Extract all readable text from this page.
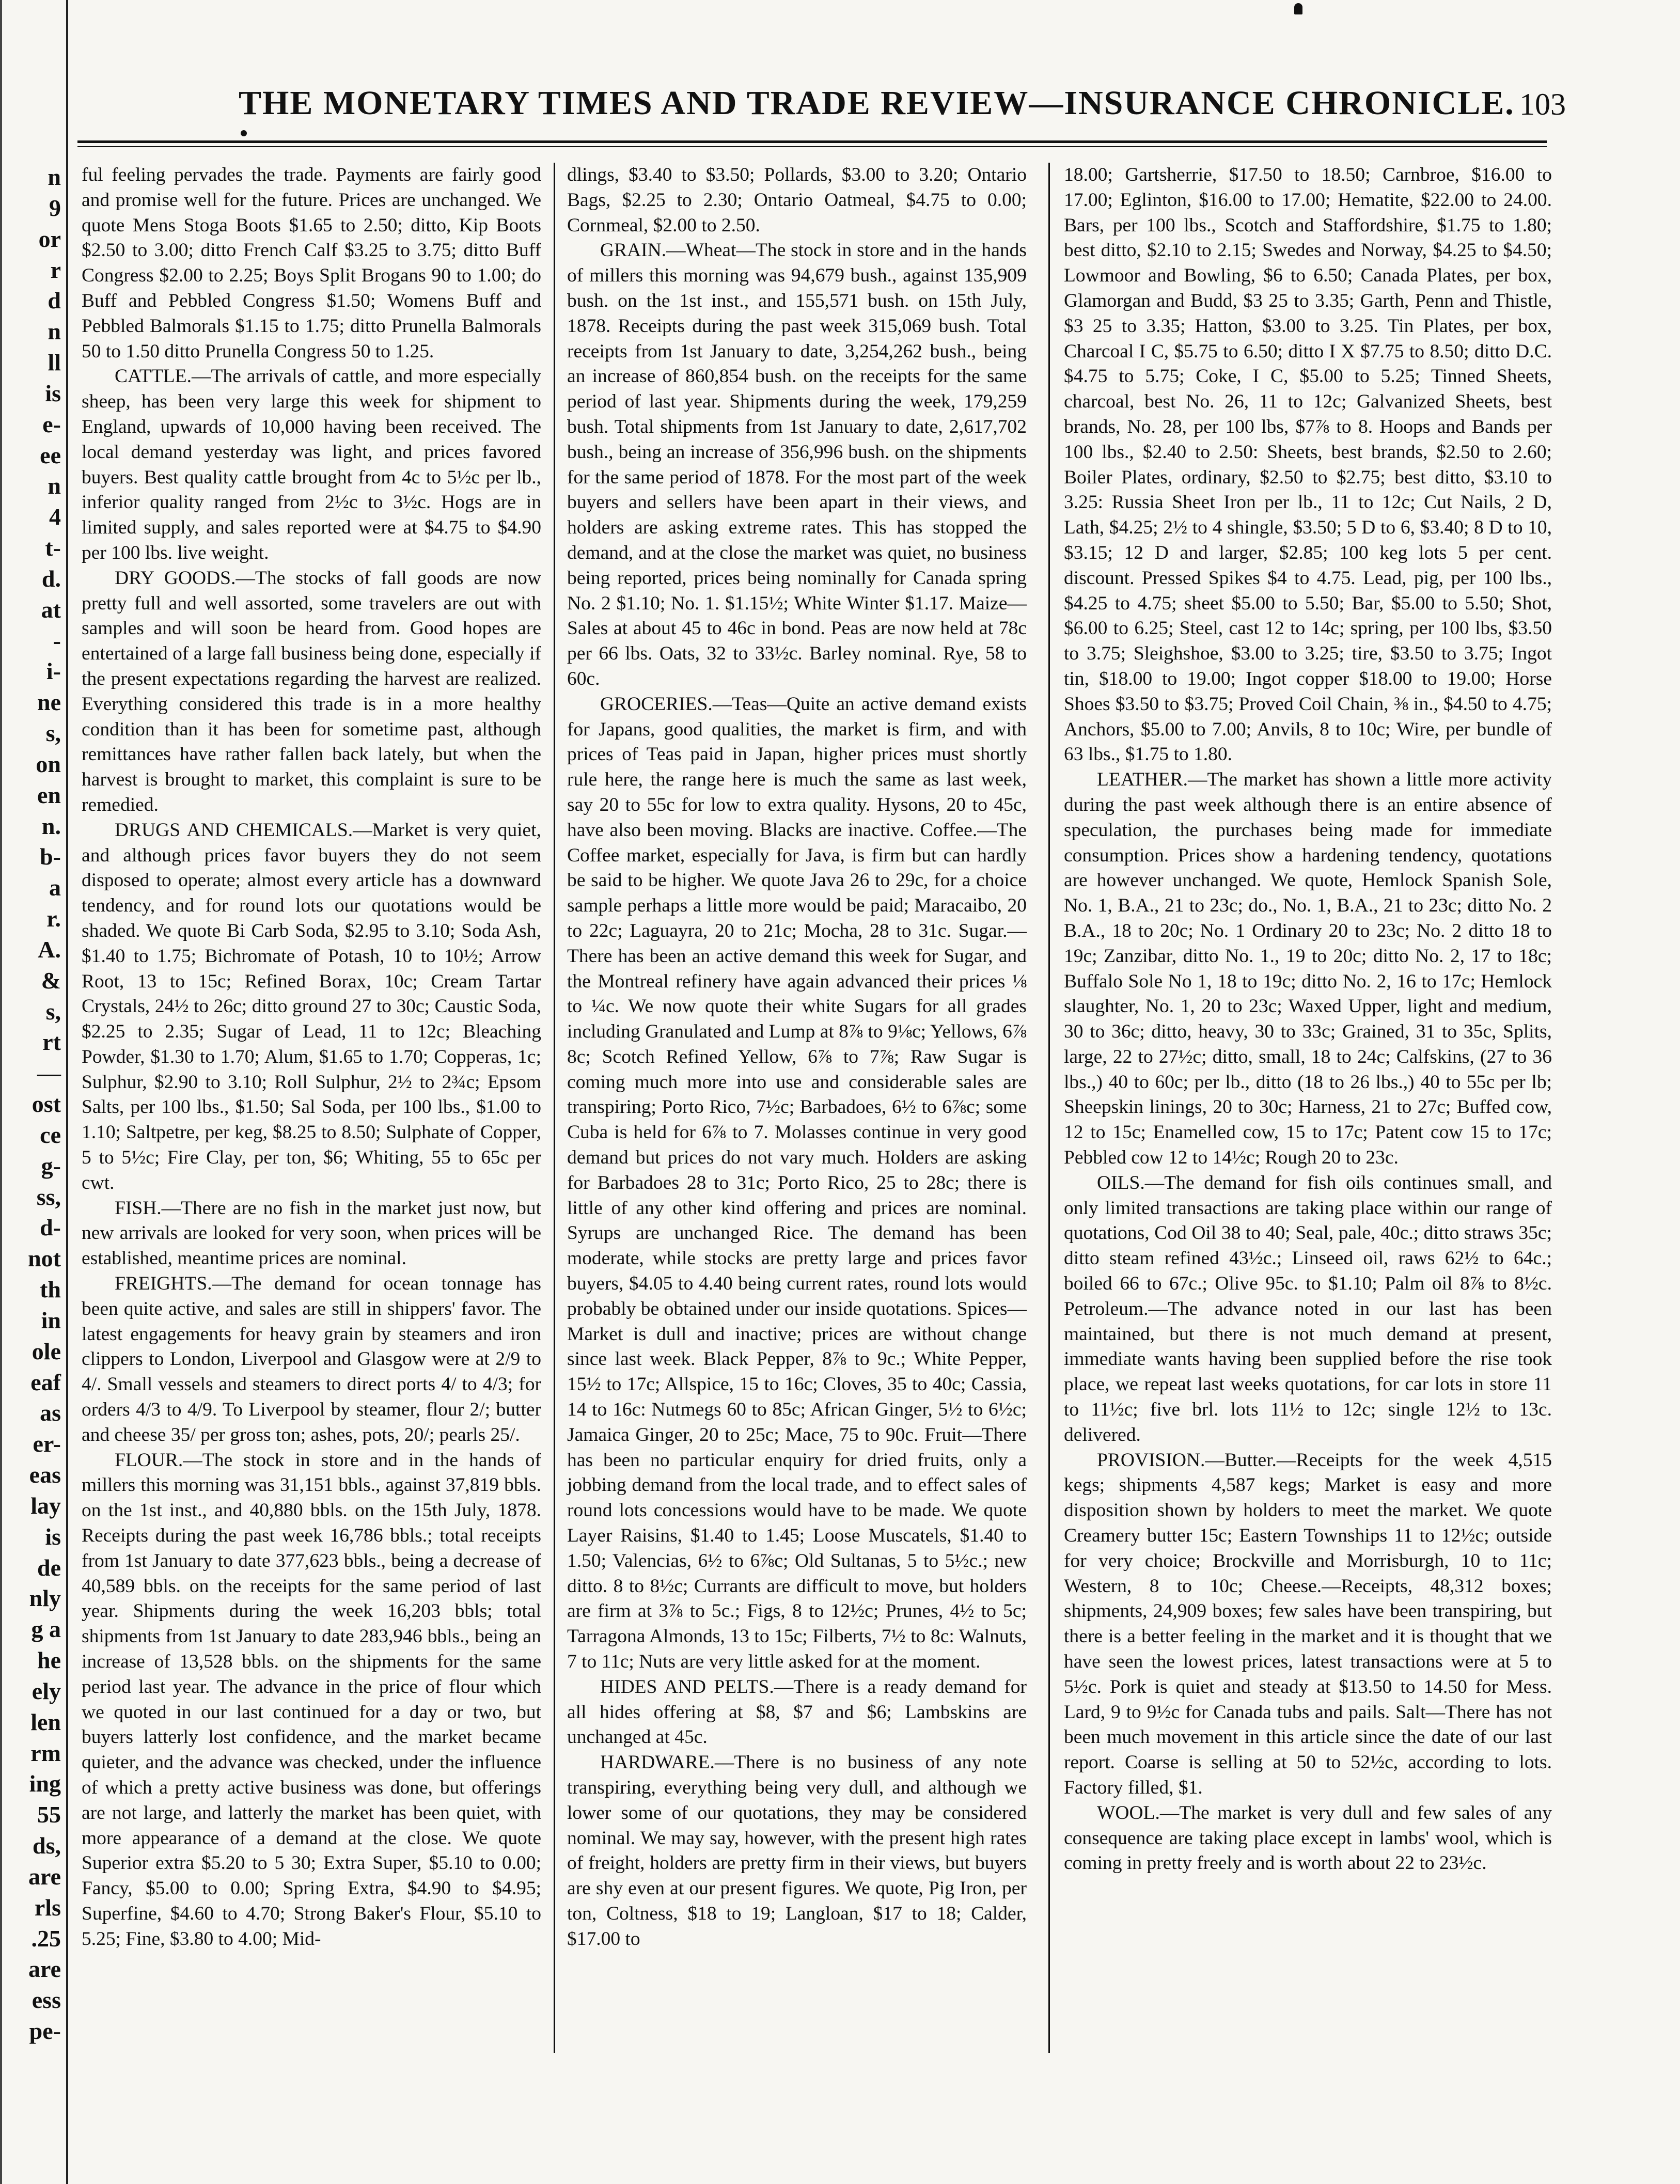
n
9
or
r
d
n
ll
is
e-
ee
n
4
t-
d.
at
-
i-
ne
s,
on
en
n.
b-
a
r.
A.
&
s,
rt
—
ost
ce
g-
ss,
d-
not
th
in
ole
eaf
as
er-
eas
lay
is
de
nly
g a
he
ely
len
rm
ing
55
ds,
are
rls
.25
are
ess
pe-
THE MONETARY TIMES AND TRADE REVIEW—INSURANCE CHRONICLE. 103

ful feeling pervades the trade. Payments are fairly good and promise well for the future. Prices are unchanged. We quote Mens Stoga Boots $1.65 to 2.50; ditto, Kip Boots $2.50 to 3.00; ditto French Calf $3.25 to 3.75; ditto Buff Congress $2.00 to 2.25; Boys Split Brogans 90 to 1.00; do Buff and Pebbled Congress $1.50; Womens Buff and Pebbled Balmorals $1.15 to 1.75; ditto Prunella Balmorals 50 to 1.50 ditto Prunella Congress 50 to 1.25.

CATTLE.—The arrivals of cattle, and more especially sheep, has been very large this week for shipment to England, upwards of 10,000 having been received. The local demand yesterday was light, and prices favored buyers. Best quality cattle brought from 4c to 5½c per lb., inferior quality ranged from 2½c to 3½c. Hogs are in limited supply, and sales reported were at $4.75 to $4.90 per 100 lbs. live weight.

DRY GOODS.—The stocks of fall goods are now pretty full and well assorted, some travelers are out with samples and will soon be heard from. Good hopes are entertained of a large fall business being done, especially if the present expectations regarding the harvest are realized. Everything considered this trade is in a more healthy condition than it has been for sometime past, although remittances have rather fallen back lately, but when the harvest is brought to market, this complaint is sure to be remedied.

DRUGS AND CHEMICALS.—Market is very quiet, and although prices favor buyers they do not seem disposed to operate; almost every article has a downward tendency, and for round lots our quotations would be shaded. We quote Bi Carb Soda, $2.95 to 3.10; Soda Ash, $1.40 to 1.75; Bichromate of Potash, 10 to 10½; Arrow Root, 13 to 15c; Refined Borax, 10c; Cream Tartar Crystals, 24½ to 26c; ditto ground 27 to 30c; Caustic Soda, $2.25 to 2.35; Sugar of Lead, 11 to 12c; Bleaching Powder, $1.30 to 1.70; Alum, $1.65 to 1.70; Copperas, 1c; Sulphur, $2.90 to 3.10; Roll Sulphur, 2½ to 2¾c; Epsom Salts, per 100 lbs., $1.50; Sal Soda, per 100 lbs., $1.00 to 1.10; Saltpetre, per keg, $8.25 to 8.50; Sulphate of Copper, 5 to 5½c; Fire Clay, per ton, $6; Whiting, 55 to 65c per cwt.

FISH.—There are no fish in the market just now, but new arrivals are looked for very soon, when prices will be established, meantime prices are nominal.

FREIGHTS.—The demand for ocean tonnage has been quite active, and sales are still in shippers' favor. The latest engagements for heavy grain by steamers and iron clippers to London, Liverpool and Glasgow were at 2/9 to 4/. Small vessels and steamers to direct ports 4/ to 4/3; for orders 4/3 to 4/9. To Liverpool by steamer, flour 2/; butter and cheese 35/ per gross ton; ashes, pots, 20/; pearls 25/.

FLOUR.—The stock in store and in the hands of millers this morning was 31,151 bbls., against 37,819 bbls. on the 1st inst., and 40,880 bbls. on the 15th July, 1878. Receipts during the past week 16,786 bbls.; total receipts from 1st January to date 377,623 bbls., being a decrease of 40,589 bbls. on the receipts for the same period of last year. Shipments during the week 16,203 bbls; total shipments from 1st January to date 283,946 bbls., being an increase of 13,528 bbls. on the shipments for the same period last year. The advance in the price of flour which we quoted in our last continued for a day or two, but buyers latterly lost confidence, and the market became quieter, and the advance was checked, under the influence of which a pretty active business was done, but offerings are not large, and latterly the market has been quiet, with more appearance of a demand at the close. We quote Superior extra $5.20 to 5 30; Extra Super, $5.10 to 0.00; Fancy, $5.00 to 0.00; Spring Extra, $4.90 to $4.95; Superfine, $4.60 to 4.70; Strong Baker's Flour, $5.10 to 5.25; Fine, $3.80 to 4.00; Mid-

dlings, $3.40 to $3.50; Pollards, $3.00 to 3.20; Ontario Bags, $2.25 to 2.30; Ontario Oatmeal, $4.75 to 0.00; Cornmeal, $2.00 to 2.50.

GRAIN.—Wheat—The stock in store and in the hands of millers this morning was 94,679 bush., against 135,909 bush. on the 1st inst., and 155,571 bush. on 15th July, 1878. Receipts during the past week 315,069 bush. Total receipts from 1st January to date, 3,254,262 bush., being an increase of 860,854 bush. on the receipts for the same period of last year. Shipments during the week, 179,259 bush. Total shipments from 1st January to date, 2,617,702 bush., being an increase of 356,996 bush. on the shipments for the same period of 1878. For the most part of the week buyers and sellers have been apart in their views, and holders are asking extreme rates. This has stopped the demand, and at the close the market was quiet, no business being reported, prices being nominally for Canada spring No. 2 $1.10; No. 1. $1.15½; White Winter $1.17. Maize—Sales at about 45 to 46c in bond. Peas are now held at 78c per 66 lbs. Oats, 32 to 33½c. Barley nominal. Rye, 58 to 60c.

GROCERIES.—Teas—Quite an active demand exists for Japans, good qualities, the market is firm, and with prices of Teas paid in Japan, higher prices must shortly rule here, the range here is much the same as last week, say 20 to 55c for low to extra quality. Hysons, 20 to 45c, have also been moving. Blacks are inactive. Coffee.—The Coffee market, especially for Java, is firm but can hardly be said to be higher. We quote Java 26 to 29c, for a choice sample perhaps a little more would be paid; Maracaibo, 20 to 22c; Laguayra, 20 to 21c; Mocha, 28 to 31c. Sugar.—There has been an active demand this week for Sugar, and the Montreal refinery have again advanced their prices ⅛ to ¼c. We now quote their white Sugars for all grades including Granulated and Lump at 8⅞ to 9⅛c; Yellows, 6⅞ 8c; Scotch Refined Yellow, 6⅞ to 7⅞; Raw Sugar is coming much more into use and considerable sales are transpiring; Porto Rico, 7½c; Barbadoes, 6½ to 6⅞c; some Cuba is held for 6⅞ to 7. Molasses continue in very good demand but prices do not vary much. Holders are asking for Barbadoes 28 to 31c; Porto Rico, 25 to 28c; there is little of any other kind offering and prices are nominal. Syrups are unchanged Rice. The demand has been moderate, while stocks are pretty large and prices favor buyers, $4.05 to 4.40 being current rates, round lots would probably be obtained under our inside quotations. Spices—Market is dull and inactive; prices are without change since last week. Black Pepper, 8⅞ to 9c.; White Pepper, 15½ to 17c; Allspice, 15 to 16c; Cloves, 35 to 40c; Cassia, 14 to 16c: Nutmegs 60 to 85c; African Ginger, 5½ to 6½c; Jamaica Ginger, 20 to 25c; Mace, 75 to 90c. Fruit—There has been no particular enquiry for dried fruits, only a jobbing demand from the local trade, and to effect sales of round lots concessions would have to be made. We quote Layer Raisins, $1.40 to 1.45; Loose Muscatels, $1.40 to 1.50; Valencias, 6½ to 6⅞c; Old Sultanas, 5 to 5½c.; new ditto. 8 to 8½c; Currants are difficult to move, but holders are firm at 3⅞ to 5c.; Figs, 8 to 12½c; Prunes, 4½ to 5c; Tarragona Almonds, 13 to 15c; Filberts, 7½ to 8c: Walnuts, 7 to 11c; Nuts are very little asked for at the moment.

HIDES AND PELTS.—There is a ready demand for all hides offering at $8, $7 and $6; Lambskins are unchanged at 45c.

HARDWARE.—There is no business of any note transpiring, everything being very dull, and although we lower some of our quotations, they may be considered nominal. We may say, however, with the present high rates of freight, holders are pretty firm in their views, but buyers are shy even at our present figures. We quote, Pig Iron, per ton, Coltness, $18 to 19; Langloan, $17 to 18; Calder, $17.00 to

18.00; Gartsherrie, $17.50 to 18.50; Carnbroe, $16.00 to 17.00; Eglinton, $16.00 to 17.00; Hematite, $22.00 to 24.00. Bars, per 100 lbs., Scotch and Staffordshire, $1.75 to 1.80; best ditto, $2.10 to 2.15; Swedes and Norway, $4.25 to $4.50; Lowmoor and Bowling, $6 to 6.50; Canada Plates, per box, Glamorgan and Budd, $3 25 to 3.35; Garth, Penn and Thistle, $3 25 to 3.35; Hatton, $3.00 to 3.25. Tin Plates, per box, Charcoal I C, $5.75 to 6.50; ditto I X $7.75 to 8.50; ditto D.C. $4.75 to 5.75; Coke, I C, $5.00 to 5.25; Tinned Sheets, charcoal, best No. 26, 11 to 12c; Galvanized Sheets, best brands, No. 28, per 100 lbs, $7⅞ to 8. Hoops and Bands per 100 lbs., $2.40 to 2.50: Sheets, best brands, $2.50 to 2.60; Boiler Plates, ordinary, $2.50 to $2.75; best ditto, $3.10 to 3.25: Russia Sheet Iron per lb., 11 to 12c; Cut Nails, 2 D, Lath, $4.25; 2½ to 4 shingle, $3.50; 5 D to 6, $3.40; 8 D to 10, $3.15; 12 D and larger, $2.85; 100 keg lots 5 per cent. discount. Pressed Spikes $4 to 4.75. Lead, pig, per 100 lbs., $4.25 to 4.75; sheet $5.00 to 5.50; Bar, $5.00 to 5.50; Shot, $6.00 to 6.25; Steel, cast 12 to 14c; spring, per 100 lbs, $3.50 to 3.75; Sleighshoe, $3.00 to 3.25; tire, $3.50 to 3.75; Ingot tin, $18.00 to 19.00; Ingot copper $18.00 to 19.00; Horse Shoes $3.50 to $3.75; Proved Coil Chain, ⅜ in., $4.50 to 4.75; Anchors, $5.00 to 7.00; Anvils, 8 to 10c; Wire, per bundle of 63 lbs., $1.75 to 1.80.

LEATHER.—The market has shown a little more activity during the past week although there is an entire absence of speculation, the purchases being made for immediate consumption. Prices show a hardening tendency, quotations are however unchanged. We quote, Hemlock Spanish Sole, No. 1, B.A., 21 to 23c; do., No. 1, B.A., 21 to 23c; ditto No. 2 B.A., 18 to 20c; No. 1 Ordinary 20 to 23c; No. 2 ditto 18 to 19c; Zanzibar, ditto No. 1., 19 to 20c; ditto No. 2, 17 to 18c; Buffalo Sole No 1, 18 to 19c; ditto No. 2, 16 to 17c; Hemlock slaughter, No. 1, 20 to 23c; Waxed Upper, light and medium, 30 to 36c; ditto, heavy, 30 to 33c; Grained, 31 to 35c, Splits, large, 22 to 27½c; ditto, small, 18 to 24c; Calfskins, (27 to 36 lbs.,) 40 to 60c; per lb., ditto (18 to 26 lbs.,) 40 to 55c per lb; Sheepskin linings, 20 to 30c; Harness, 21 to 27c; Buffed cow, 12 to 15c; Enamelled cow, 15 to 17c; Patent cow 15 to 17c; Pebbled cow 12 to 14½c; Rough 20 to 23c.

OILS.—The demand for fish oils continues small, and only limited transactions are taking place within our range of quotations, Cod Oil 38 to 40; Seal, pale, 40c.; ditto straws 35c; ditto steam refined 43½c.; Linseed oil, raws 62½ to 64c.; boiled 66 to 67c.; Olive 95c. to $1.10; Palm oil 8⅞ to 8½c. Petroleum.—The advance noted in our last has been maintained, but there is not much demand at present, immediate wants having been supplied before the rise took place, we repeat last weeks quotations, for car lots in store 11 to 11½c; five brl. lots 11½ to 12c; single 12½ to 13c. delivered.

PROVISION.—Butter.—Receipts for the week 4,515 kegs; shipments 4,587 kegs; Market is easy and more disposition shown by holders to meet the market. We quote Creamery butter 15c; Eastern Townships 11 to 12½c; outside for very choice; Brockville and Morrisburgh, 10 to 11c; Western, 8 to 10c; Cheese.—Receipts, 48,312 boxes; shipments, 24,909 boxes; few sales have been transpiring, but there is a better feeling in the market and it is thought that we have seen the lowest prices, latest transactions were at 5 to 5½c. Pork is quiet and steady at $13.50 to 14.50 for Mess. Lard, 9 to 9½c for Canada tubs and pails. Salt—There has not been much movement in this article since the date of our last report. Coarse is selling at 50 to 52½c, according to lots. Factory filled, $1.

WOOL.—The market is very dull and few sales of any consequence are taking place except in lambs' wool, which is coming in pretty freely and is worth about 22 to 23½c.
